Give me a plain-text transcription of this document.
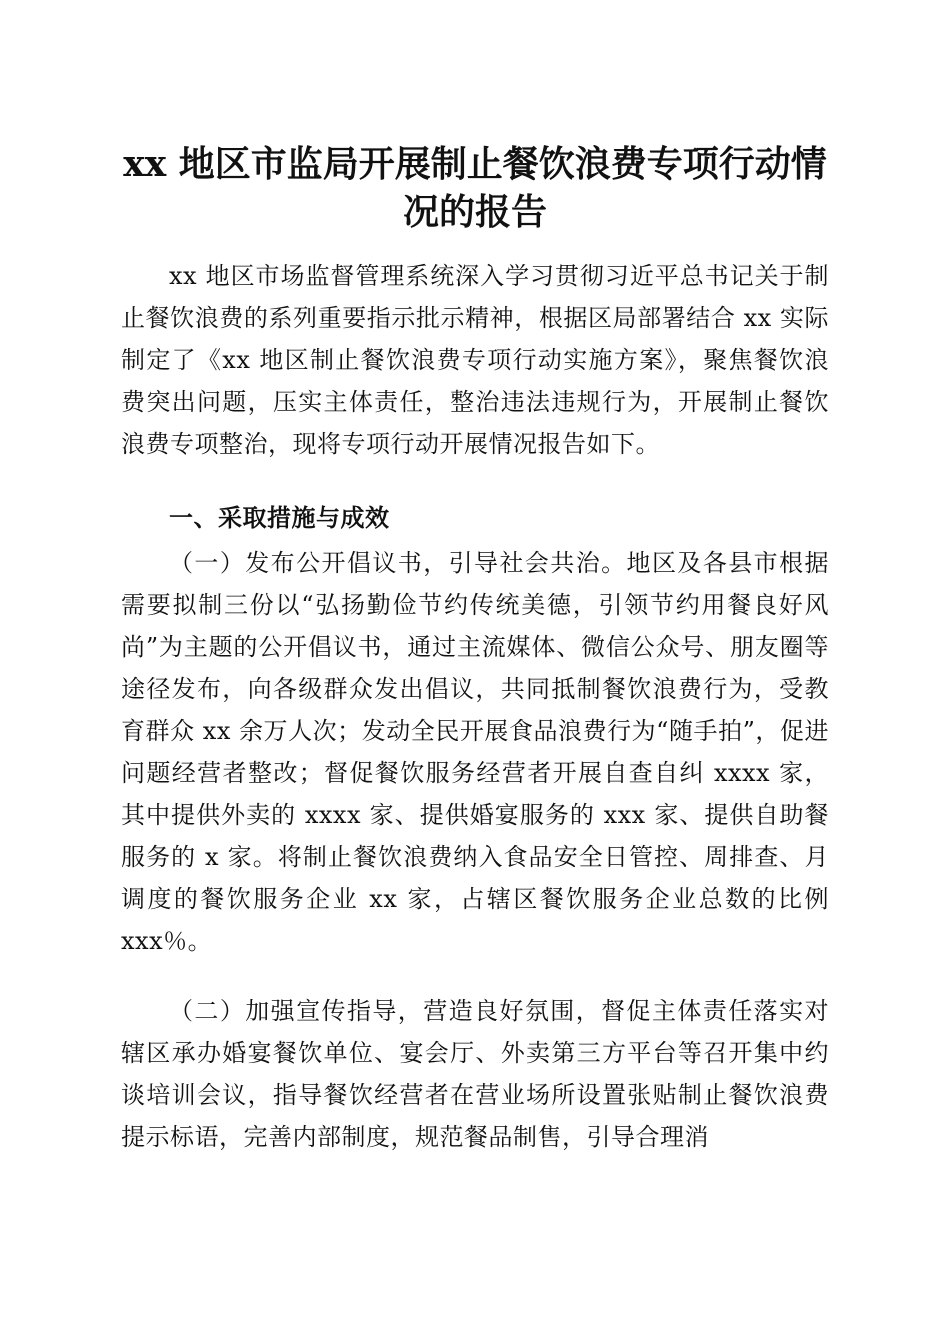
xx 地区市监局开展制止餐饮浪费专项行动情况的报告

xx 地区市场监督管理系统深入学习贯彻习近平总书记关于制止餐饮浪费的系列重要指示批示精神，根据区局部署结合 xx 实际制定了《xx 地区制止餐饮浪费专项行动实施方案》，聚焦餐饮浪费突出问题，压实主体责任，整治违法违规行为，开展制止餐饮浪费专项整治，现将专项行动开展情况报告如下。

一、采取措施与成效

（一）发布公开倡议书，引导社会共治。地区及各县市根据需要拟制三份以“弘扬勤俭节约传统美德，引领节约用餐良好风尚”为主题的公开倡议书，通过主流媒体、微信公众号、朋友圈等途径发布，向各级群众发出倡议，共同抵制餐饮浪费行为，受教育群众 xx 余万人次；发动全民开展食品浪费行为“随手拍”，促进问题经营者整改；督促餐饮服务经营者开展自查自纠 xxxx 家，其中提供外卖的 xxxx 家、提供婚宴服务的 xxx 家、提供自助餐服务的 x 家。将制止餐饮浪费纳入食品安全日管控、周排查、月调度的餐饮服务企业 xx 家，占辖区餐饮服务企业总数的比例 xxx％。

（二）加强宣传指导，营造良好氛围，督促主体责任落实对辖区承办婚宴餐饮单位、宴会厅、外卖第三方平台等召开集中约谈培训会议，指导餐饮经营者在营业场所设置张贴制止餐饮浪费提示标语，完善内部制度，规范餐品制售，引导合理消
